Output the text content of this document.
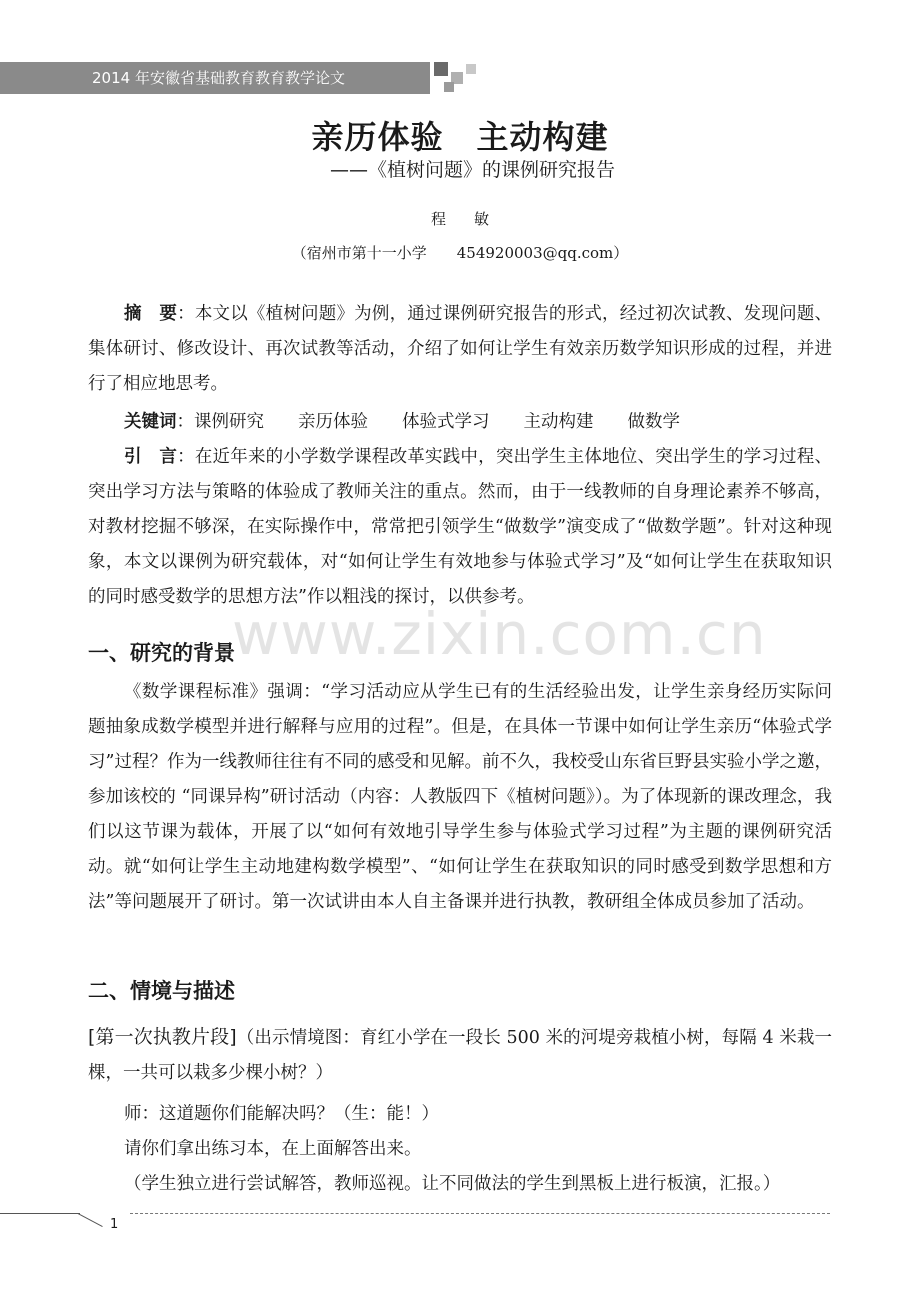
2014 年安徽省基础教育教育教学论文
www.zixin.com.cn
亲历体验　主动构建
——《植树问题》的课例研究报告
程敏
（宿州市第十一小学 454920003@qq.com）

摘　要：本文以《植树问题》为例，通过课例研究报告的形式，经过初次试教、发现问题、集体研讨、修改设计、再次试教等活动，介绍了如何让学生有效亲历数学知识形成的过程，并进行了相应地思考。

关键词：课例研究 亲历体验 体验式学习 主动构建 做数学

引　言：在近年来的小学数学课程改革实践中，突出学生主体地位、突出学生的学习过程、突出学习方法与策略的体验成了教师关注的重点。然而，由于一线教师的自身理论素养不够高，对教材挖掘不够深，在实际操作中，常常把引领学生“做数学”演变成了“做数学题”。针对这种现象，本文以课例为研究载体，对“如何让学生有效地参与体验式学习”及“如何让学生在获取知识的同时感受数学的思想方法”作以粗浅的探讨，以供参考。

一、研究的背景

《数学课程标准》强调：“学习活动应从学生已有的生活经验出发，让学生亲身经历实际问题抽象成数学模型并进行解释与应用的过程”。但是，在具体一节课中如何让学生亲历“体验式学习”过程？作为一线教师往往有不同的感受和见解。前不久，我校受山东省巨野县实验小学之邀，参加该校的 “同课异构”研讨活动（内容：人教版四下《植树问题》）。为了体现新的课改理念，我们以这节课为载体，开展了以“如何有效地引导学生参与体验式学习过程”为主题的课例研究活动。就“如何让学生主动地建构数学模型”、“如何让学生在获取知识的同时感受到数学思想和方法”等问题展开了研讨。第一次试讲由本人自主备课并进行执教，教研组全体成员参加了活动。

二、情境与描述

[第一次执教片段]（出示情境图：育红小学在一段长 500 米的河堤旁栽植小树，每隔 4 米栽一棵，一共可以栽多少棵小树？）

师：这道题你们能解决吗？（生：能！）

请你们拿出练习本，在上面解答出来。

（学生独立进行尝试解答，教师巡视。让不同做法的学生到黑板上进行板演，汇报。）

1
